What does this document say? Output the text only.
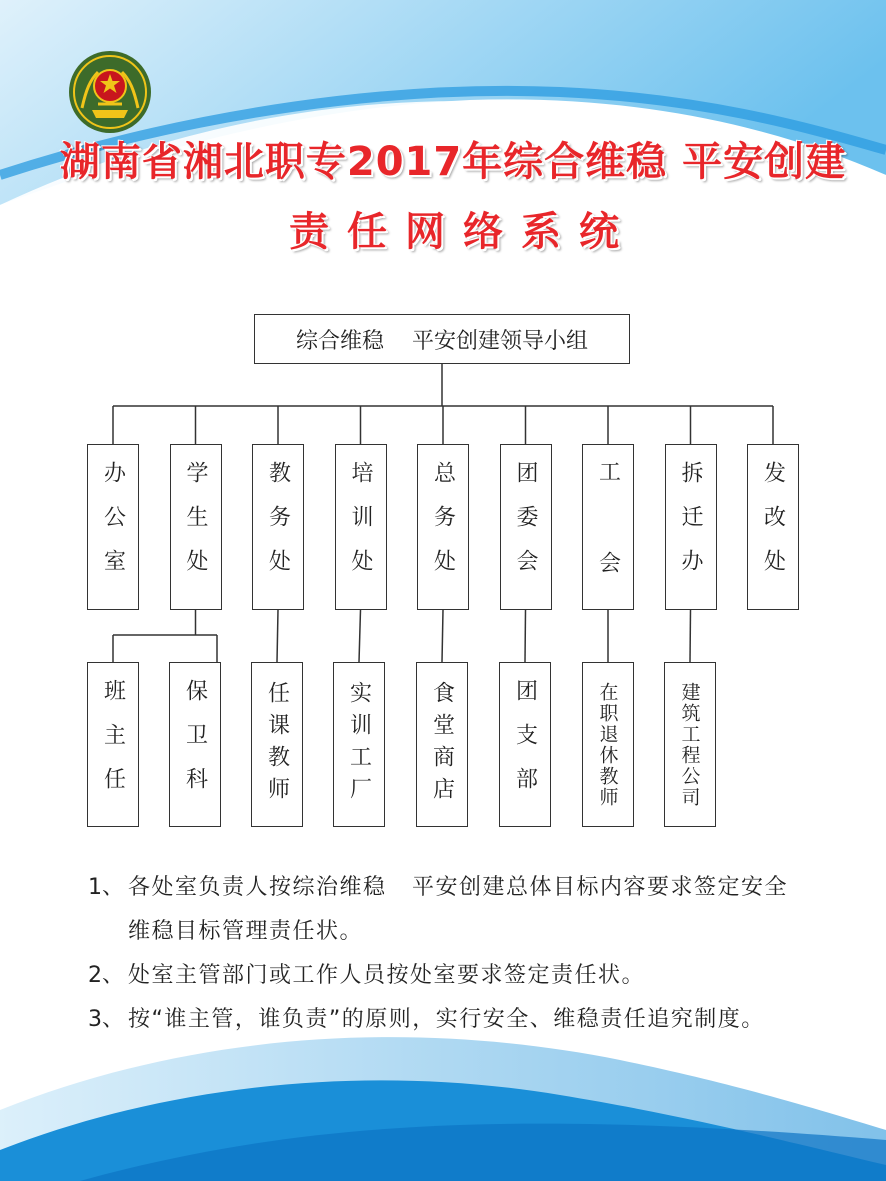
湖南省湘北职专2017年综合维稳 平安创建
责任网络系统
综合维稳    平安创建领导小组
办公室
班主任	保卫科
学生处	教务处
任课教师
培训处
实训工厂
总务处
食堂商店
团委会
团支部
工 会
在职退休教师
拆迁办
建筑工程公司
发改处

1、 各处室负责人按综治维稳   平安创建总体目标内容要求签定安全维稳目标管理责任状。

2、 处室主管部门或工作人员按处室要求签定责任状。

3、 按“谁主管，谁负责”的原则，实行安全、维稳责任追究制度。
